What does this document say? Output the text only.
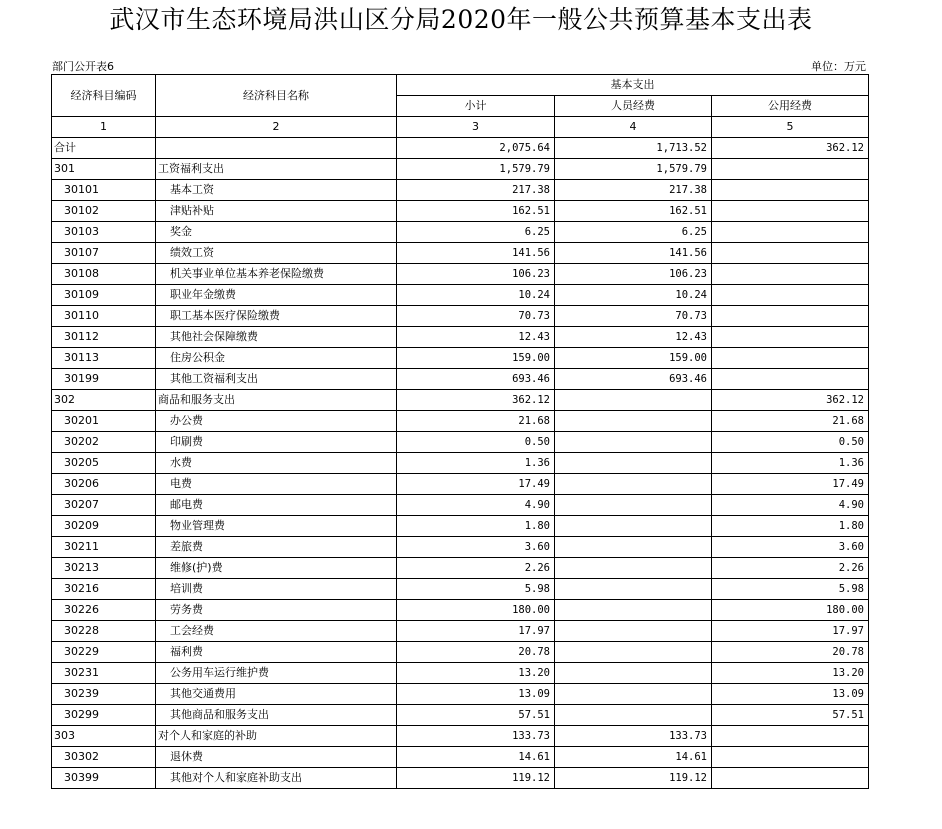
武汉市生态环境局洪山区分局2020年一般公共预算基本支出表
部门公开表6	单位：万元
经济科目编码	经济科目名称	基本支出		
		小计	人员经费	公用经费
1	2	3	4	5
合计		2,075.64	1,713.52	362.12
301	工资福利支出	1,579.79	1,579.79	
30101	基本工资	217.38	217.38	
30102	津贴补贴	162.51	162.51	
30103	奖金	6.25	6.25	
30107	绩效工资	141.56	141.56	
30108	机关事业单位基本养老保险缴费	106.23	106.23	
30109	职业年金缴费	10.24	10.24	
30110	职工基本医疗保险缴费	70.73	70.73	
30112	其他社会保障缴费	12.43	12.43	
30113	住房公积金	159.00	159.00	
30199	其他工资福利支出	693.46	693.46	
302	商品和服务支出	362.12		362.12
30201	办公费	21.68		21.68
30202	印刷费	0.50		0.50
30205	水费	1.36		1.36
30206	电费	17.49		17.49
30207	邮电费	4.90		4.90
30209	物业管理费	1.80		1.80
30211	差旅费	3.60		3.60
30213	维修(护)费	2.26		2.26
30216	培训费	5.98		5.98
30226	劳务费	180.00		180.00
30228	工会经费	17.97		17.97
30229	福利费	20.78		20.78
30231	公务用车运行维护费	13.20		13.20
30239	其他交通费用	13.09		13.09
30299	其他商品和服务支出	57.51		57.51
303	对个人和家庭的补助	133.73	133.73	
30302	退休费	14.61	14.61	
30399	其他对个人和家庭补助支出	119.12	119.12	
